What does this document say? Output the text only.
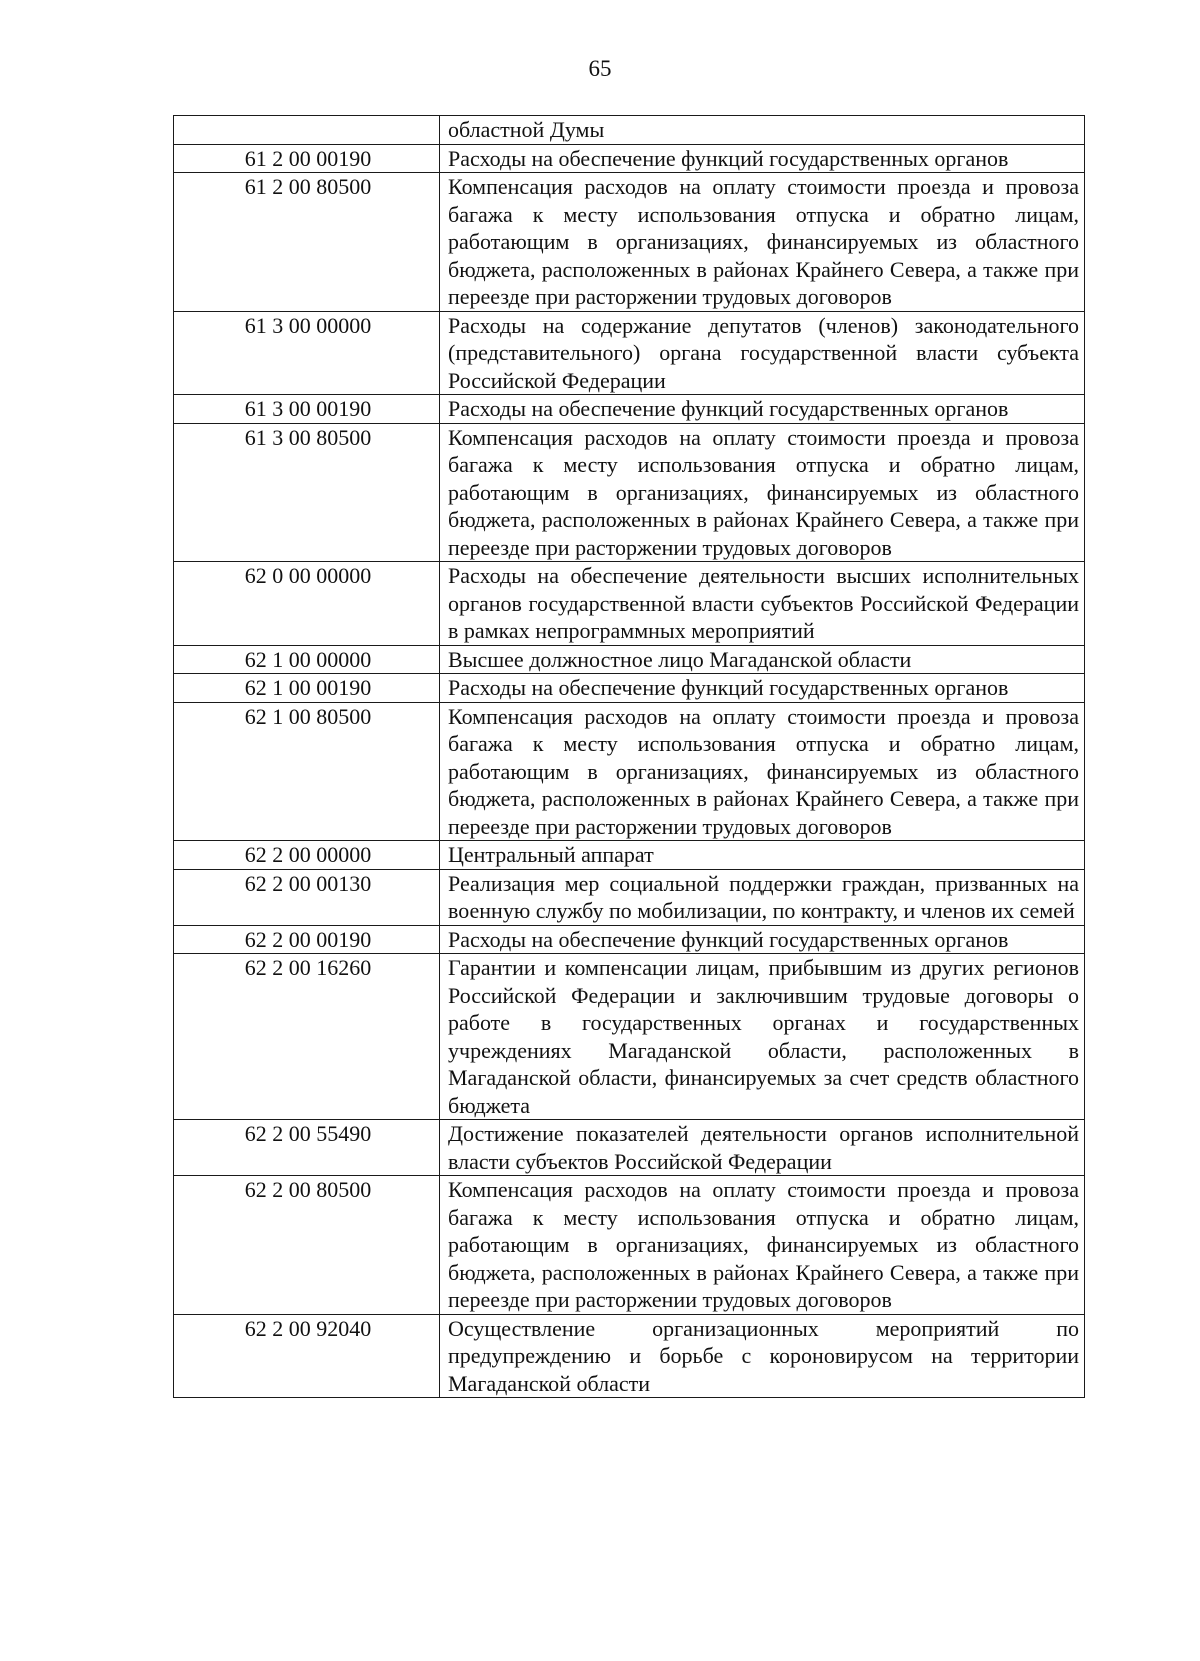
65
	областной Думы
61 2 00 00190	Расходы на обеспечение функций государственных органов
61 2 00 80500	Компенсация расходов на оплату стоимости проезда и провоза багажа к месту использования отпуска и обратно лицам, работающим в организациях, финансируемых из областного бюджета, расположенных в районах Крайнего Севера, а также при переезде при расторжении трудовых договоров
61 3 00 00000	Расходы на содержание депутатов (членов) законодательного (представительного) органа государственной власти субъекта Российской Федерации
61 3 00 00190	Расходы на обеспечение функций государственных органов
61 3 00 80500	Компенсация расходов на оплату стоимости проезда и провоза багажа к месту использования отпуска и обратно лицам, работающим в организациях, финансируемых из областного бюджета, расположенных в районах Крайнего Севера, а также при переезде при расторжении трудовых договоров
62 0 00 00000	Расходы на обеспечение деятельности высших исполнительных органов государственной власти субъектов Российской Федерации в рамках непрограммных мероприятий
62 1 00 00000	Высшее должностное лицо Магаданской области
62 1 00 00190	Расходы на обеспечение функций государственных органов
62 1 00 80500	Компенсация расходов на оплату стоимости проезда и провоза багажа к месту использования отпуска и обратно лицам, работающим в организациях, финансируемых из областного бюджета, расположенных в районах Крайнего Севера, а также при переезде при расторжении трудовых договоров
62 2 00 00000	Центральный аппарат
62 2 00 00130	Реализация мер социальной поддержки граждан, призванных на военную службу по мобилизации, по контракту, и членов их семей
62 2 00 00190	Расходы на обеспечение функций государственных органов
62 2 00 16260	Гарантии и компенсации лицам, прибывшим из других регионов Российской Федерации и заключившим трудовые договоры о работе в государственных органах и государственных учреждениях Магаданской области, расположенных в Магаданской области, финансируемых за счет средств областного бюджета
62 2 00 55490	Достижение показателей деятельности органов исполнительной власти субъектов Российской Федерации
62 2 00 80500	Компенсация расходов на оплату стоимости проезда и провоза багажа к месту использования отпуска и обратно лицам, работающим в организациях, финансируемых из областного бюджета, расположенных в районах Крайнего Севера, а также при переезде при расторжении трудовых договоров
62 2 00 92040	Осуществление организационных мероприятий по предупреждению и борьбе с короновирусом на территории Магаданской области
